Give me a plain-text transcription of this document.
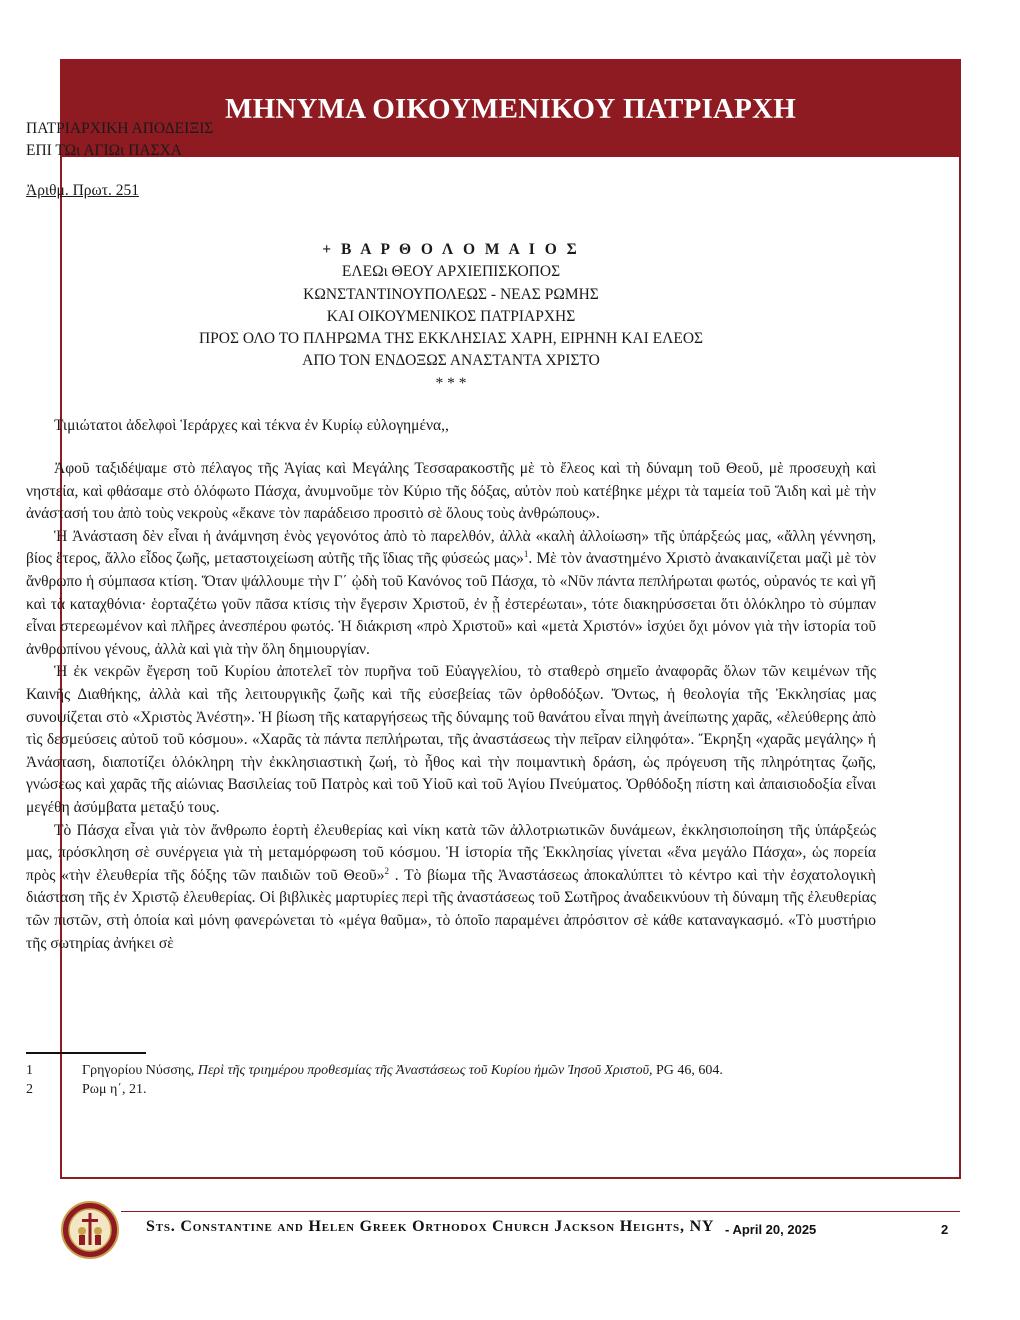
ΜΗΝΥΜΑ ΟΙΚΟΥΜΕΝΙΚΟΥ ΠΑΤΡΙΑΡΧΗ
ΠΑΤΡΙΑΡΧΙΚΗ ΑΠΟΔΕΙΞΙΣ
ΕΠΙ ΤΩι ΑΓΙΩι ΠΑΣΧΑ
Ἀριθμ. Πρωτ. 251
+ Β Α Ρ Θ Ο Λ Ο Μ Α Ι Ο Σ
ΕΛΕΩι ΘΕΟΥ ΑΡΧΙΕΠΙΣΚΟΠΟΣ
ΚΩΝΣΤΑΝΤΙΝΟΥΠΟΛΕΩΣ - ΝΕΑΣ ΡΩΜΗΣ
ΚΑΙ ΟΙΚΟΥΜΕΝΙΚΟΣ ΠΑΤΡΙΑΡΧΗΣ
ΠΡΟΣ ΟΛΟ ΤΟ ΠΛΗΡΩΜΑ ΤΗΣ ΕΚΚΛΗΣΙΑΣ ΧΑΡΗ, ΕΙΡΗΝΗ ΚΑΙ ΕΛΕΟΣ
ΑΠΟ ΤΟΝ ΕΝΔΟΞΩΣ ΑΝΑΣΤΑΝΤΑ ΧΡΙΣΤΟ
* * *
Τιμιώτατοι ἀδελφοὶ Ἱεράρχες καὶ τέκνα ἐν Κυρίῳ εὐλογημένα,,

Ἀφοῦ ταξιδέψαμε στὸ πέλαγος τῆς Ἁγίας καὶ Μεγάλης Τεσσαρακοστῆς μὲ τὸ ἔλεος καὶ τὴ δύναμη τοῦ Θεοῦ, μὲ προσευχὴ καὶ νηστεία, καὶ φθάσαμε στὸ ὁλόφωτο Πάσχα, ἀνυμνοῦμε τὸν Κύριο τῆς δόξας, αὐτὸν ποὺ κατέβηκε μέχρι τὰ ταμεία τοῦ Ἅιδη καὶ μὲ τὴν ἀνάστασή του ἀπὸ τοὺς νεκροὺς «ἔκανε τὸν παράδεισο προσιτὸ σὲ ὅλους τοὺς ἀνθρώπους».

Ἡ Ἀνάσταση δὲν εἶναι ἡ ἀνάμνηση ἑνὸς γεγονότος ἀπὸ τὸ παρελθόν, ἀλλὰ «καλὴ ἀλλοίωση» τῆς ὑπάρξεώς μας, «ἄλλη γέννηση, βίος ἕτερος, ἄλλο εἶδος ζωῆς, μεταστοιχείωση αὐτῆς τῆς ἴδιας τῆς φύσεώς μας»$^1$. Μὲ τὸν ἀναστημένο Χριστὸ ἀνακαινίζεται μαζὶ μὲ τὸν ἄνθρωπο ἡ σύμπασα κτίση. Ὅταν ψάλλουμε τὴν Γ΄ ᾠδὴ τοῦ Κανόνος τοῦ Πάσχα, τὸ «Νῦν πάντα πεπλήρωται φωτός, οὐρανός τε καὶ γῆ καὶ τὰ καταχθόνια· ἑορταζέτω γοῦν πᾶσα κτίσις τὴν ἔγερσιν Χριστοῦ, ἐν ᾗ ἐστερέωται», τότε διακηρύσσεται ὅτι ὁλόκληρο τὸ σύμπαν εἶναι στερεωμένον καὶ πλῆρες ἀνεσπέρου φωτός. Ἡ διάκριση «πρὸ Χριστοῦ» καὶ «μετὰ Χριστόν» ἰσχύει ὄχι μόνον γιὰ τὴν ἱστορία τοῦ ἀνθρωπίνου γένους, ἀλλὰ καὶ γιὰ τὴν ὅλη δημιουργίαν.

Ἡ ἐκ νεκρῶν ἔγερση τοῦ Κυρίου ἀποτελεῖ τὸν πυρῆνα τοῦ Εὐαγγελίου, τὸ σταθερὸ σημεῖο ἀναφορᾶς ὅλων τῶν κειμένων τῆς Καινῆς Διαθήκης, ἀλλὰ καὶ τῆς λειτουργικῆς ζωῆς καὶ τῆς εὐσεβείας τῶν ὀρθοδόξων. Ὄντως, ἡ θεολογία τῆς Ἐκκλησίας μας συνοψίζεται στὸ «Χριστὸς Ἀνέστη». Ἡ βίωση τῆς καταργήσεως τῆς δύναμης τοῦ θανάτου εἶναι πηγὴ ἀνείπωτης χαρᾶς, «ἐλεύθερης ἀπὸ τὶς δεσμεύσεις αὐτοῦ τοῦ κόσμου». «Χαρᾶς τὰ πάντα πεπλήρωται, τῆς ἀναστάσεως τὴν πεῖραν εἰληφότα». Ἔκρηξη «χαρᾶς μεγάλης» ἡ Ἀνάσταση, διαποτίζει ὁλόκληρη τὴν ἐκκλησιαστικὴ ζωή, τὸ ἦθος καὶ τὴν ποιμαντικὴ δράση, ὡς πρόγευση τῆς πληρότητας ζωῆς, γνώσεως καὶ χαρᾶς τῆς αἰώνιας Βασιλείας τοῦ Πατρὸς καὶ τοῦ Υἱοῦ καὶ τοῦ Ἁγίου Πνεύματος. Ὀρθόδοξη πίστη καὶ ἀπαισιοδοξία εἶναι μεγέθη ἀσύμβατα μεταξύ τους.

Τὸ Πάσχα εἶναι γιὰ τὸν ἄνθρωπο ἑορτὴ ἐλευθερίας καὶ νίκη κατὰ τῶν ἀλλοτριωτικῶν δυνάμεων, ἐκκλησιοποίηση τῆς ὑπάρξεώς μας, πρόσκληση σὲ συνέργεια γιὰ τὴ μεταμόρφωση τοῦ κόσμου. Ἡ ἱστορία τῆς Ἐκκλησίας γίνεται «ἕνα μεγάλο Πάσχα», ὡς πορεία πρὸς «τὴν ἐλευθερία τῆς δόξης τῶν παιδιῶν τοῦ Θεοῦ»$^2$ . Τὸ βίωμα τῆς Ἀναστάσεως ἀποκαλύπτει τὸ κέντρο καὶ τὴν ἐσχατολογικὴ διάσταση τῆς ἐν Χριστῷ ἐλευθερίας. Οἱ βιβλικὲς μαρτυρίες περὶ τῆς ἀναστάσεως τοῦ Σωτῆρος ἀναδεικνύουν τὴ δύναμη τῆς ἐλευθερίας τῶν πιστῶν, στὴ ὁποία καὶ μόνη φανερώνεται τὸ «μέγα θαῦμα», τὸ ὁποῖο παραμένει ἀπρόσιτον σὲ κάθε καταναγκασμό. «Τὸ μυστήριο τῆς σωτηρίας ἀνήκει σὲ

1	Γρηγορίου Νύσσης, Περὶ τῆς τριημέρου προθεσμίας τῆς Ἀναστάσεως τοῦ Κυρίου ἡμῶν Ἰησοῦ Χριστοῦ, PG 46, 604.
2	Ρωμ η΄, 21.
Sts. Constantine and Helen Greek Orthodox Church Jackson Heights, NY - April 20, 2025	2
